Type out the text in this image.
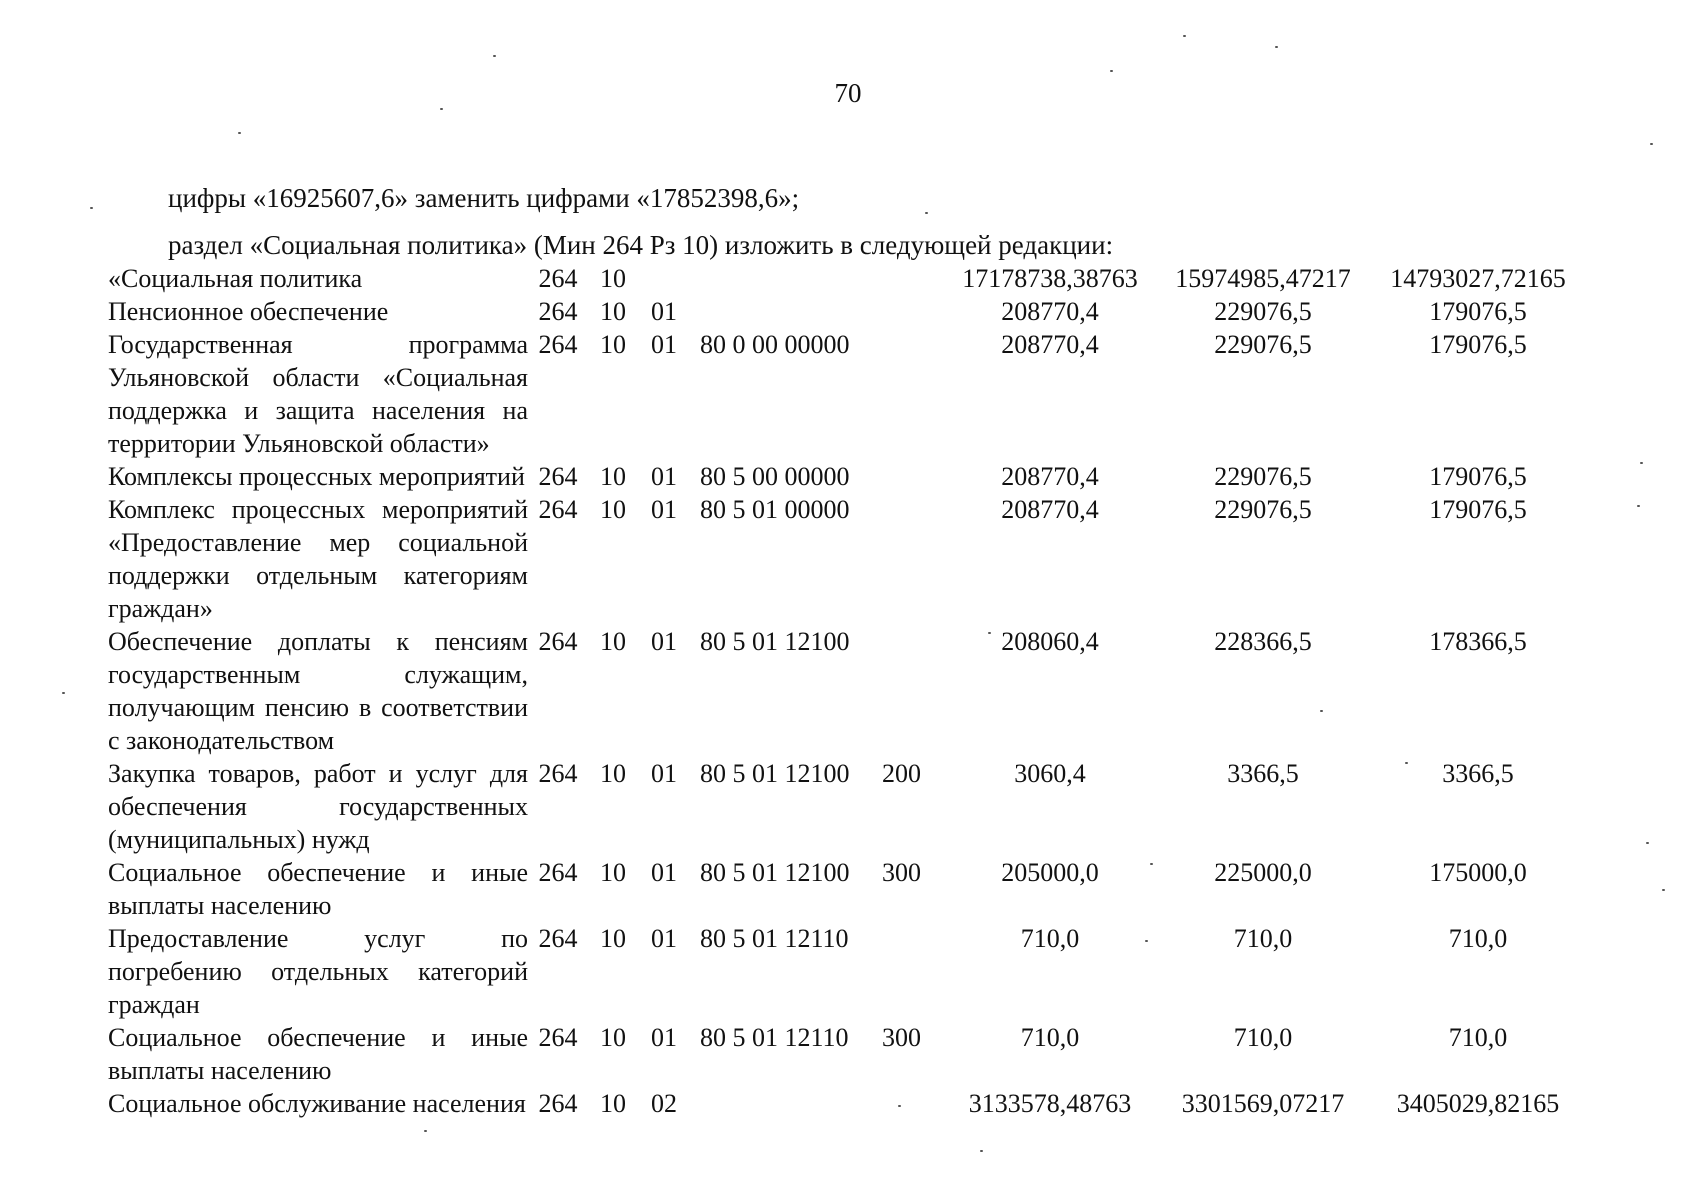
70
цифры «16925607,6» заменить цифрами «17852398,6»;
раздел «Социальная политика» (Мин 264 Рз 10) изложить в следующей редакции:
«Социальная политика	264	10				17178738,38763	15974985,47217	14793027,72165
Пенсионное обеспечение	264	10	01			208770,4	229076,5	179076,5
Государственная программа Ульяновской области «Социальная поддержка и защита населения на территории Ульяновской области»	264	10	01	80 0 00 00000		208770,4	229076,5	179076,5
Комплексы процессных мероприятий	264	10	01	80 5 00 00000		208770,4	229076,5	179076,5
Комплекс процессных мероприятий «Предоставление мер социальной поддержки отдельным категориям граждан»	264	10	01	80 5 01 00000		208770,4	229076,5	179076,5
Обеспечение доплаты к пенсиям государственным служащим, получающим пенсию в соответствии с законодательством	264	10	01	80 5 01 12100		208060,4	228366,5	178366,5
Закупка товаров, работ и услуг для обеспечения государственных (муниципальных) нужд	264	10	01	80 5 01 12100	200	3060,4	3366,5	3366,5
Социальное обеспечение и иные выплаты населению	264	10	01	80 5 01 12100	300	205000,0	225000,0	175000,0
Предоставление услуг по погребению отдельных категорий граждан	264	10	01	80 5 01 12110		710,0	710,0	710,0
Социальное обеспечение и иные выплаты населению	264	10	01	80 5 01 12110	300	710,0	710,0	710,0
Социальное обслуживание населения	264	10	02			3133578,48763	3301569,07217	3405029,82165
